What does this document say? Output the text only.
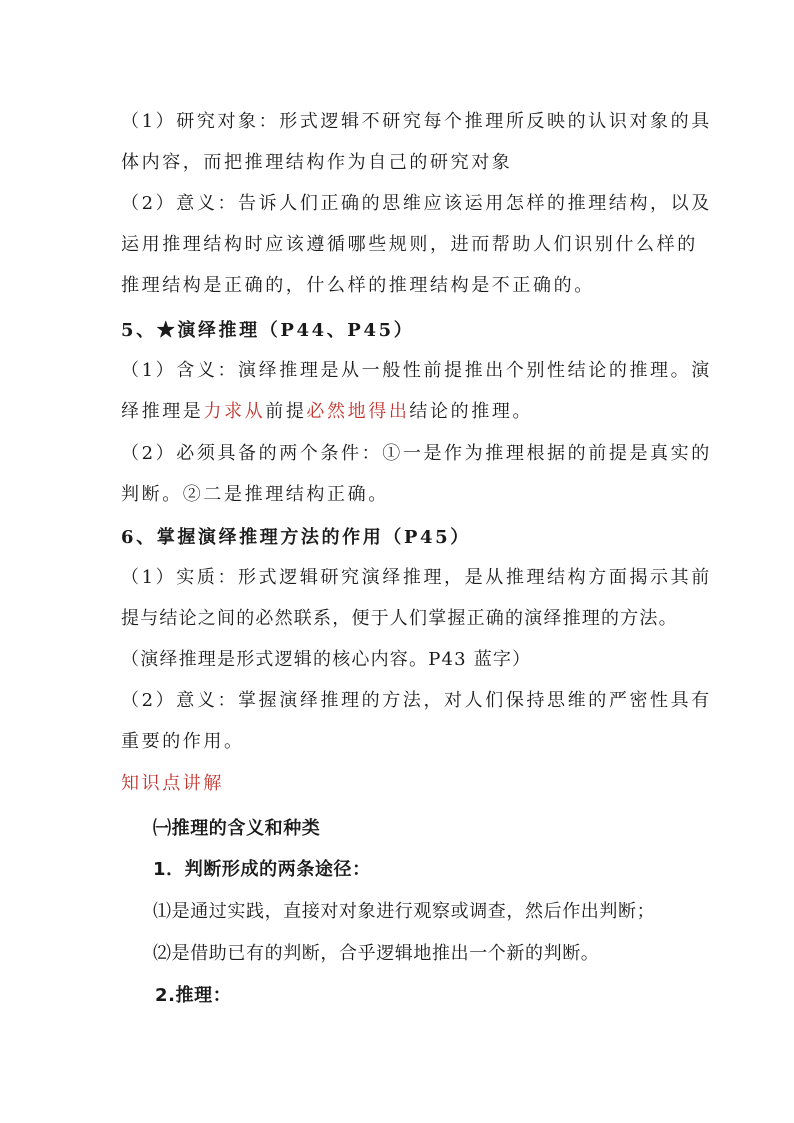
（1）研究对象：形式逻辑不研究每个推理所反映的认识对象的具
体内容，而把推理结构作为自己的研究对象
（2）意义：告诉人们正确的思维应该运用怎样的推理结构，以及
运用推理结构时应该遵循哪些规则，进而帮助人们识别什么样的
推理结构是正确的，什么样的推理结构是不正确的。
5、★演绎推理（P44、P45）
（1）含义：演绎推理是从一般性前提推出个别性结论的推理。演
绎推理是力求从前提必然地得出结论的推理。
（2）必须具备的两个条件：①一是作为推理根据的前提是真实的
判断。②二是推理结构正确。
6、掌握演绎推理方法的作用（P45）
（1）实质：形式逻辑研究演绎推理，是从推理结构方面揭示其前
提与结论之间的必然联系，便于人们掌握正确的演绎推理的方法。
（演绎推理是形式逻辑的核心内容。P43 蓝字）
（2）意义：掌握演绎推理的方法，对人们保持思维的严密性具有
重要的作用。
知识点讲解
㈠推理的含义和种类
1．判断形成的两条途径：
⑴是通过实践，直接对对象进行观察或调查，然后作出判断；
⑵是借助已有的判断，合乎逻辑地推出一个新的判断。
2.推理：
